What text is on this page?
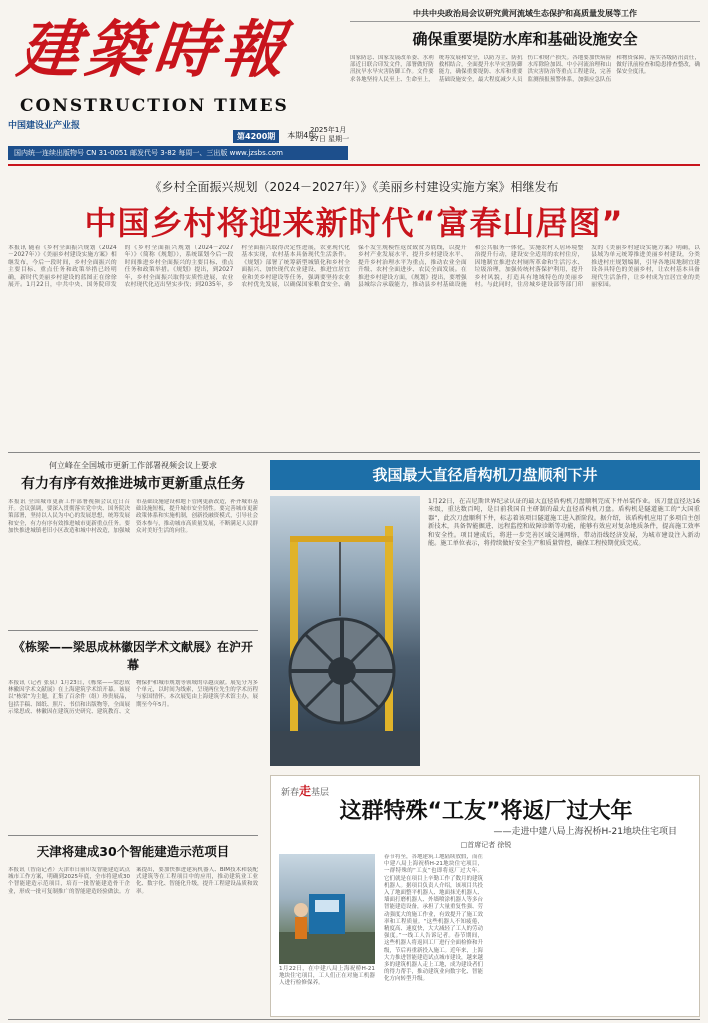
建
築
時
報
CONSTRUCTION TIMES
中国建设业产业报
第4200期	本期4版
2025年1月27日 星期一
国内统一连续出版物号 CN 31-0051 邮发代号 3-82 每周一、三出版 www.jzsbs.com
中共中央政治局会议研究黄河流域生态保护和高质量发展等工作
确保重要堤防水库和基础设施安全

国家防总、国家发展改革委、水利部近日联合印发文件，部署做好防汛抗旱水旱灾害防御工作。文件要求各地坚持人民至上、生命至上，统筹发展和安全，以防为主、防抗救相结合，全面提升水旱灾害防御能力，确保重要堤防、水库和重要基础设施安全，最大程度减少人员伤亡和财产损失。各地要加快病险水库除险加固、中小河流治理和山洪灾害防治等重点工程建设，完善监测预报预警体系，加强应急队伍和物资保障，落实各级防汛责任，做好汛前检查和隐患排查整改，确保安全度汛。

《乡村全面振兴规划（2024－2027年）》《美丽乡村建设实施方案》相继发布
中国乡村将迎来新时代“富春山居图”

本报讯 随着《乡村全面振兴规划（2024－2027年）》《美丽乡村建设实施方案》相继发布，今后一段时间，乡村全面振兴的主要目标、重点任务和政策举措已经明确，新时代美丽乡村建设的蓝图正在徐徐展开。1月22日，中共中央、国务院印发的《乡村全面振兴规划（2024－2027年）》（简称《规划》），系统谋划今后一段时间推进乡村全面振兴的主要目标、重点任务和政策举措。《规划》提出，到2027年，乡村全面振兴取得实质性进展，农业农村现代化迈出坚实步伐；到2035年，乡村全面振兴取得决定性进展，农业现代化基本实现，农村基本具备现代生活条件。《规划》部署了统筹新型城镇化和乡村全面振兴、加快现代农业建设、推进宜居宜业和美乡村建设等任务，强调要坚持农业农村优先发展，以确保国家粮食安全、确保不发生规模性返贫致贫为底线，以提升乡村产业发展水平、提升乡村建设水平、提升乡村治理水平为重点，推动农业全面升级、农村全面进步、农民全面发展。在推进乡村建设方面，《规划》提出，要增强县城综合承载能力，推动县乡村基础设施和公共服务一体化，实施农村人居环境整治提升行动，建设安全适用的农村住房，因地制宜推进农村厕所革命和生活污水、垃圾治理，加强传统村落保护利用，提升乡村风貌，打造具有地域特色的美丽乡村。与此同时，住房城乡建设部等部门印发的《美丽乡村建设实施方案》明确，以县域为单元统筹推进美丽乡村建设，分类推进村庄规划编制，引导各地因地制宜建设各具特色的美丽乡村，让农村基本具备现代生活条件，让乡村成为宜居宜业的美丽家园。

何立峰在全国城市更新工作部署视频会议上要求
有力有序有效推进城市更新重点任务

本报讯 全国城市更新工作部署视频会议近日召开。会议强调，要深入贯彻落实党中央、国务院决策部署，坚持以人民为中心的发展思想，统筹发展和安全，有力有序有效推进城市更新重点任务。要加快推进城镇老旧小区改造和城中村改造，加强城市基础设施建设和地下管网更新改造，补齐城市基础设施短板，提升城市安全韧性。要完善城市更新政策体系和实施机制，创新投融资模式，引导社会资本参与，推动城市高质量发展，不断满足人民群众对美好生活的向往。

《栋梁——梁思成林徽因学术文献展》在沪开幕

本报讯（记者 张泉）1月23日，《栋梁——梁思成林徽因学术文献展》在上海建筑学术馆开幕。该展以“栋梁”为主题，汇集了百余件（组）珍贵展品，包括手稿、图纸、照片、书信和出版物等，全面展示梁思成、林徽因在建筑历史研究、建筑教育、文物保护和城市规划等领域的卓越贡献。展览分为多个单元，以时间为线索，呈现两位先生的学术历程与家国情怀。本次展览由上海建筑学术馆主办，展期至今年5月。

天津将建成30个智能建造示范项目

本报讯（智南记者）天津市日前印发智能建造试点城市工作方案，明确到2025年底，全市将建成30个智能建造示范项目，培育一批智能建造骨干企业，形成一批可复制推广的智能建造经验做法。方案提出，要加快推进建筑机器人、BIM技术和装配式建筑等在工程项目中的应用，推动建筑业工业化、数字化、智能化升级，提升工程建设品质和效率。

我国最大直径盾构机刀盘顺利下井

1月22日，在吉尼斯世界纪录认证的最大直径盾构机刀盘顺利完成下井吊装作业。该刀盘直径达16米级，重达数百吨，是目前我国自主研制的最大直径盾构机刀盘。盾构机是隧道施工的“大国重器”，此次刀盘顺利下井，标志着该项目隧道施工进入新阶段。据介绍，该盾构机应用了多项自主创新技术，具备智能掘进、远程监控和故障诊断等功能，能够有效应对复杂地质条件，提高施工效率和安全性。项目建成后，将进一步完善区域交通网络，带动沿线经济发展，为城市建设注入新动能。施工单位表示，将持续做好安全生产和质量管控，确保工程按期优质完成。

新春走基层
这群特殊“工友”将返厂过大年
——走进中建八局上海祝桥H-21地块住宅项目
□首席记者 徐锐

1月22日，在中建八局上海祝桥H-21地块住宅项目，工人们正在对施工机器人进行检修保养。

春节将至，各地建筑工地陆续放假，而在中建八局上海祝桥H-21地块住宅项目，一群特殊的“工友”也即将返厂过大年。它们就是在项目上辛勤工作了数月的建筑机器人。据项目负责人介绍，该项目共投入了地面整平机器人、地面抹光机器人、墙面打磨机器人、外墙喷涂机器人等多台智能建造设备，承担了大量重复性强、劳动强度大的施工作业，有效提升了施工效率和工程质量。“这些机器人不知疲倦，精度高、速度快，大大减轻了工人的劳动强度。”一线工人告诉记者。春节期间，这些机器人将返回工厂进行全面检修和升级，节后再重新投入施工。近年来，上海大力推进智能建造试点城市建设，越来越多的建筑机器人走上工地，成为建设者们的得力帮手，推动建筑业向数字化、智能化方向转型升级。
